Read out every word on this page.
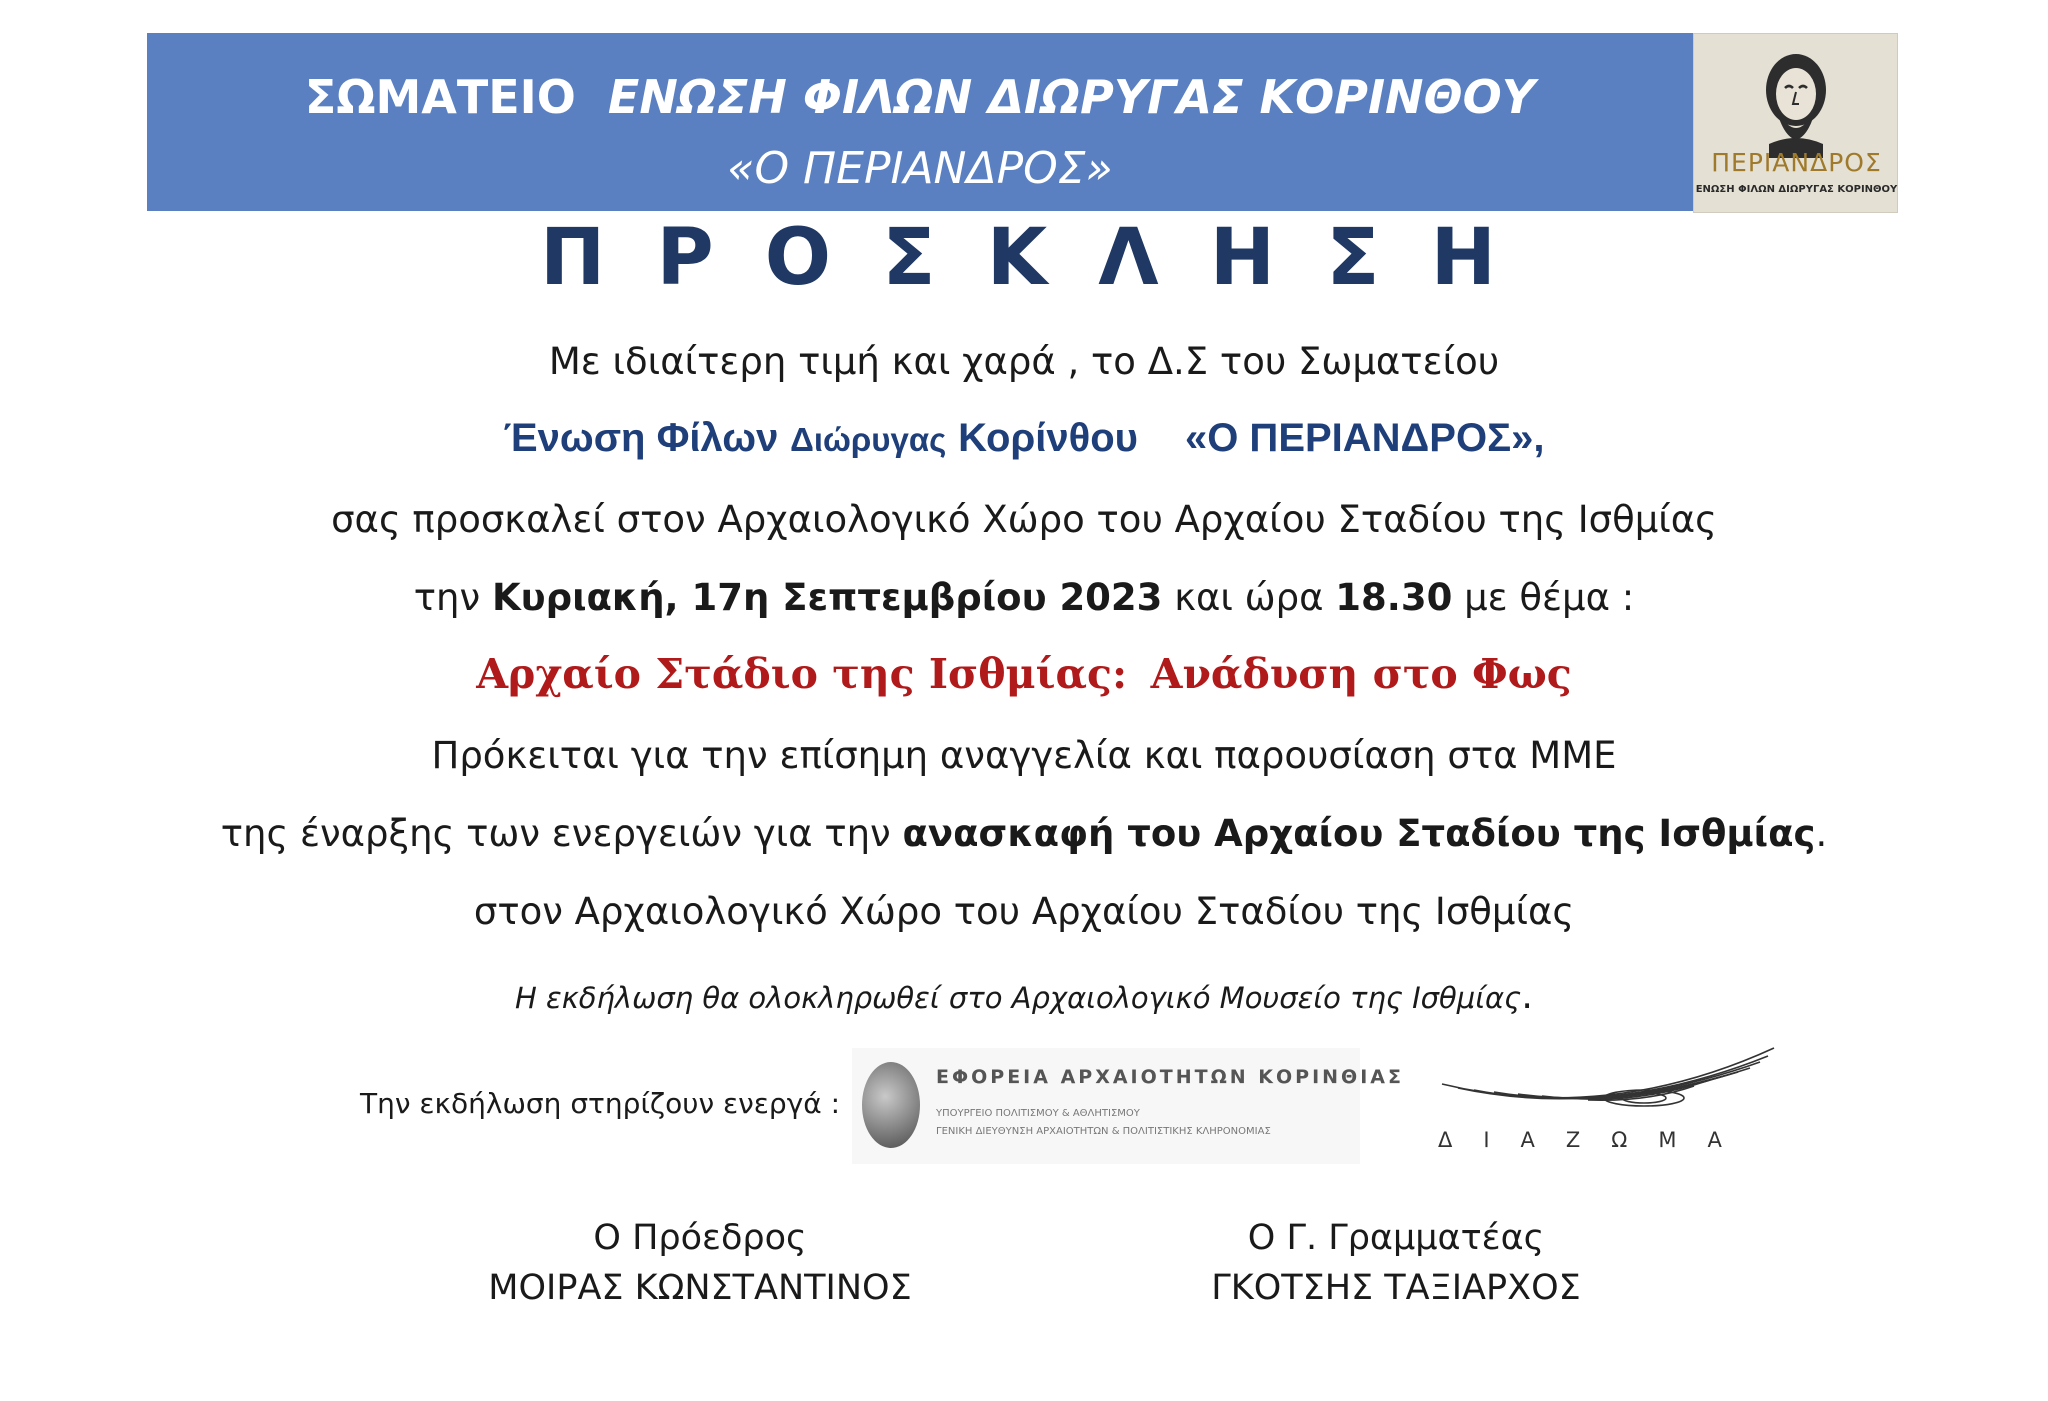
ΣΩΜΑΤΕΙΟ ΕΝΩΣΗ ΦΙΛΩΝ ΔΙΩΡΥΓΑΣ ΚΟΡΙΝΘΟΥ
«Ο ΠΕΡΙΑΝΔΡΟΣ»	ΠΕΡΙΑΝΔΡΟΣ
ΕΝΩΣΗ ΦΙΛΩΝ ΔΙΩΡΥΓΑΣ ΚΟΡΙΝΘΟΥ
Π Ρ Ο Σ Κ Λ Η Σ Η
Με ιδιαίτερη τιμή και χαρά , το Δ.Σ του Σωματείου
Ένωση Φίλων Διώρυγας Κορίνθου «Ο ΠΕΡΙΑΝΔΡΟΣ»,
σας προσκαλεί στον Αρχαιολογικό Χώρο του Αρχαίου Σταδίου της Ισθμίας
την Κυριακή, 17η Σεπτεμβρίου 2023 και ώρα 18.30 με θέμα :
Αρχαίο Στάδιο της Ισθμίας: Ανάδυση στο Φως
Πρόκειται για την επίσημη αναγγελία και παρουσίαση στα ΜΜΕ
της έναρξης των ενεργειών για την ανασκαφή του Αρχαίου Σταδίου της Ισθμίας.
στον Αρχαιολογικό Χώρο του Αρχαίου Σταδίου της Ισθμίας
Η εκδήλωση θα ολοκληρωθεί στο Αρχαιολογικό Μουσείο της Ισθμίας.
Την εκδήλωση στηρίζουν ενεργά :
ΕΦΟΡΕΙΑ ΑΡΧΑΙΟΤΗΤΩΝ ΚΟΡΙΝΘΙΑΣ
ΥΠΟΥΡΓΕΙΟ ΠΟΛΙΤΙΣΜΟΥ & ΑΘΛΗΤΙΣΜΟΥ
ΓΕΝΙΚΗ ΔΙΕΥΘΥΝΣΗ ΑΡΧΑΙΟΤΗΤΩΝ & ΠΟΛΙΤΙΣΤΙΚΗΣ ΚΛΗΡΟΝΟΜΙΑΣ	ΔΙΑΖΩΜΑ
Ο Πρόεδρος
ΜΟΙΡΑΣ ΚΩΝΣΤΑΝΤΙΝΟΣ
Ο Γ. Γραμματέας
ΓΚΟΤΣΗΣ ΤΑΞΙΑΡΧΟΣ
